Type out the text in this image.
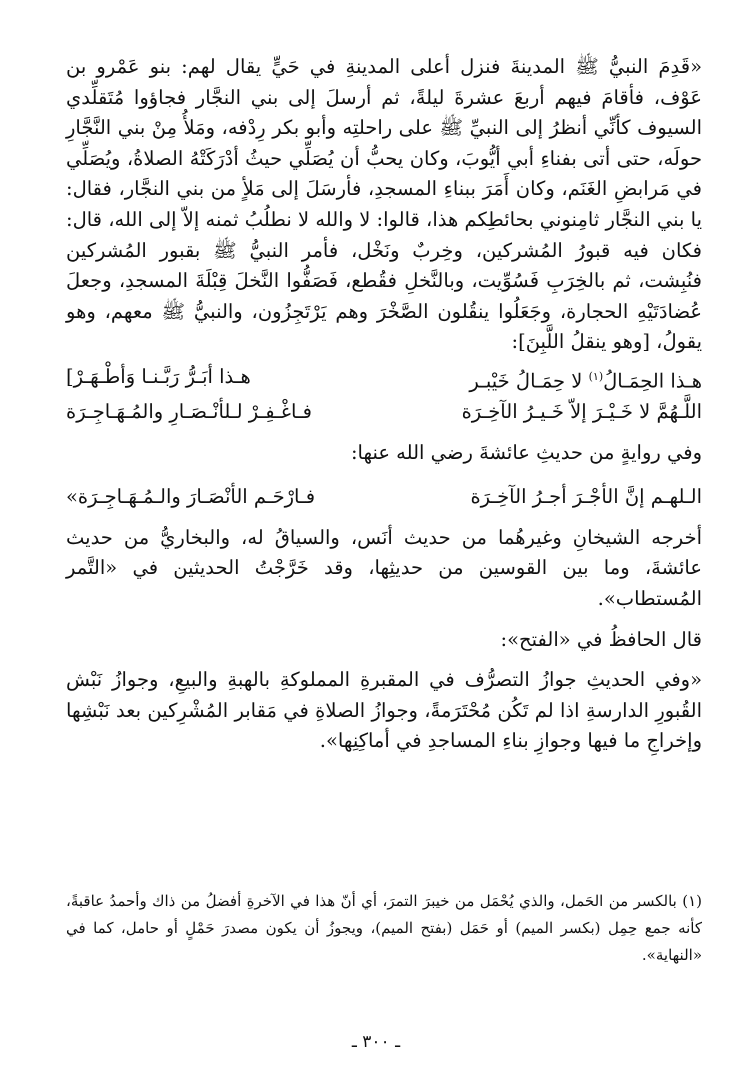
«قَدِمَ النبيُّ ﷺ المدينةَ فنزل أعلى المدينةِ في حَيٍّ يقال لهم: بنو عَمْرو بن عَوْف، فأقامَ فيهم أربعَ عشرةَ ليلةً، ثم أرسلَ إلى بني النجَّار فجاؤوا مُتَقلِّدي السيوف كأنِّي أنظرُ إلى النبيِّ ﷺ على راحلتِه وأبو بكر رِدْفه، ومَلأُ مِنْ بني النَّجَّارِ حولَه، حتى أتى بفناءِ أبي أيُّوبَ، وكان يحبُّ أن يُصَلِّي حيثُ أدْرَكَتْهُ الصلاةُ، ويُصَلِّي في مَرابضِ الغَنَم، وكان أَمَرَ ببناءِ المسجدِ، فأرسَلَ إلى مَلأٍ من بني النجَّار، فقال: يا بني النجَّار ثامِنوني بحائطِكم هذا، قالوا: لا والله لا نطلُبُ ثمنه إلاّ إلى الله، قال: فكان فيه قبورُ المُشركين، وخِربٌ ونَخْل، فأمر النبيُّ ﷺ بقبور المُشركين فنُبِشت، ثم بالخِرَبِ فَسُوِّيت، وبالنَّخلِ فقُطع، فَصَفُّوا النَّخلَ قِبْلَةَ المسجدِ، وجعلَ عُضادَتَيْهِ الحجارة، وجَعَلُوا ينقُلون الصَّخْرَ وهم يَرْتَجِزُون، والنبيُّ ﷺ معهم، وهو يقولُ، [وهو ينقلُ اللَّبِنَ]:

هـذا الحِمَـالُ$^{(١)}$ لا حِمَـالُ خَيْبـر
هـذا أبَـرُّ رَبَّـنـا وَأطْـهَـرْ]
اللَّـهُمَّ لا خَـيْـرَ إلاّ خَـيـرُ الآخِـرَة
فـاغْـفِـرْ لـلأنْـصَـارِ والمُـهَـاجِـرَة

وفي روايةٍ من حديثِ عائشةَ رضي الله عنها:

الـلهـم إنَّ الأجْـرَ أجـرُ الآخِـرَة
فـارْحَـم الأنْصَـارَ والـمُـهَـاجِـرَة»

أخرجه الشيخانِ وغيرهُما من حديث أنَس، والسياقُ له، والبخاريُّ من حديث عائشةَ، وما بين القوسين من حديثِها، وقد خَرَّجْتُ الحديثين في «التَّمر المُستطاب».

قال الحافظُ في «الفتح»:

«وفي الحديثِ جوازُ التصرُّف في المقبرةِ المملوكةِ بالهبةِ والبيعِ، وجوازُ نَبْش القُبورِ الدارسةِ اذا لم تَكُن مُحْتَرَمةً، وجوازُ الصلاةِ في مَقابر المُشْرِكين بعد نَبْشِها وإخراجِ ما فيها وجوازِ بناءِ المساجدِ في أماكِنِها».

(١) بالكسر من الحَمل، والذي يُحْمَل من خيبرَ التمرَ، أي أنّ هذا في الآخرةِ أفضلُ من ذاك وأحمدُ عاقبةً، كأنه جمع حِمِل (بكسر الميم) أو حَمَل (بفتح الميم)، ويجوزُ أن يكون مصدرَ حَمْلٍ أو حامل، كما في «النهاية».

ـ ٣٠٠ ـ
